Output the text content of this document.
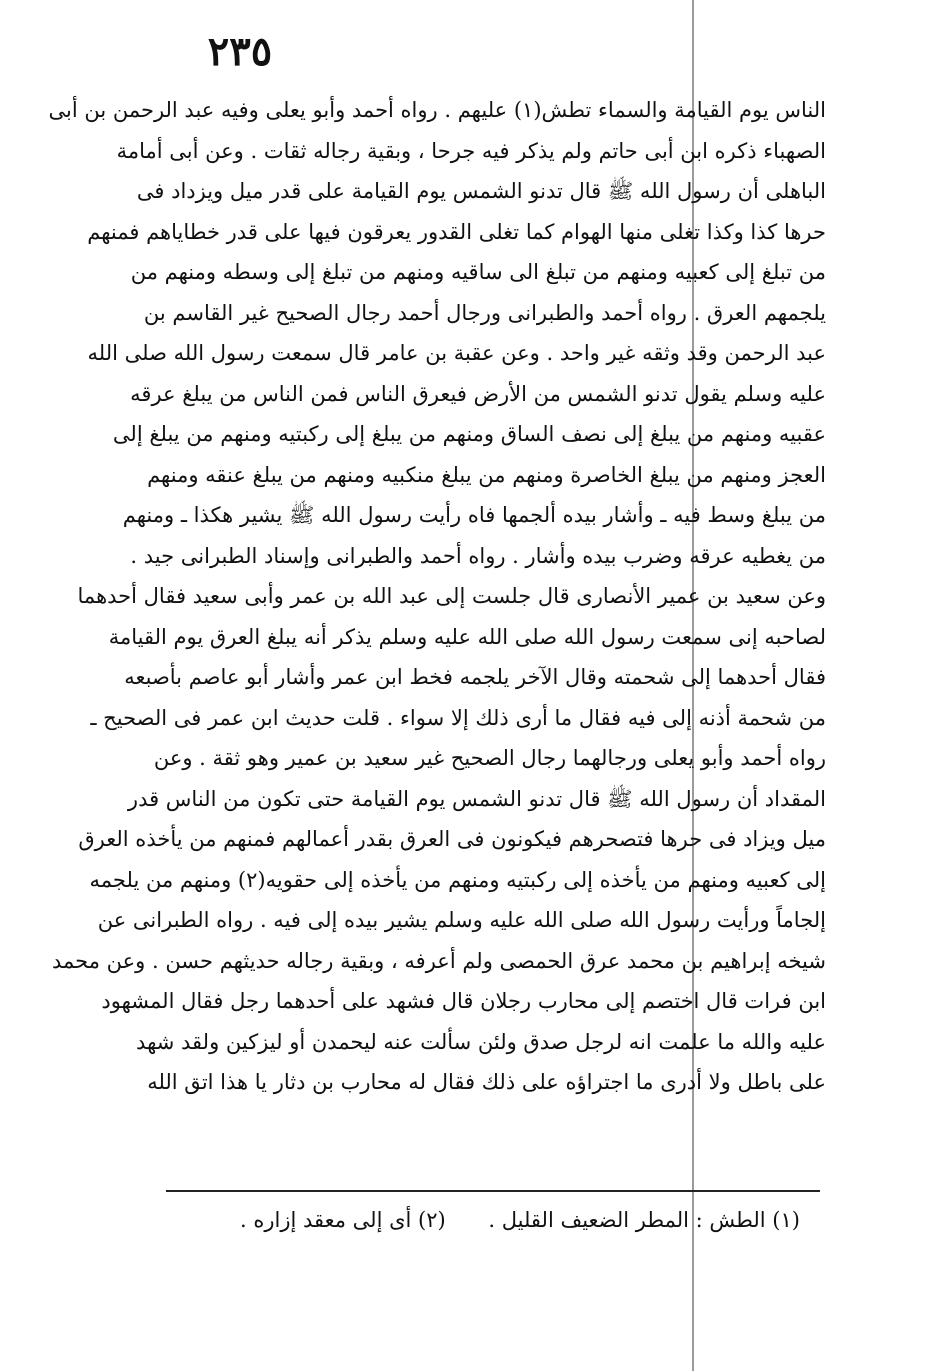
٢٣٥
الناس يوم القيامة والسماء تطش(١) عليهم . رواه أحمد وأبو يعلى وفيه عبد الرحمن بن أبى
الصهباء ذكره ابن أبى حاتم ولم يذكر فيه جرحا ، وبقية رجاله ثقات . وعن أبى أمامة
الباهلى أن رسول الله ﷺ قال تدنو الشمس يوم القيامة على قدر ميل ويزداد فى
حرها كذا وكذا تغلى منها الهوام كما تغلى القدور يعرقون فيها على قدر خطاياهم فمنهم
من تبلغ إلى كعبيه ومنهم من تبلغ الى ساقيه ومنهم من تبلغ إلى وسطه ومنهم من
يلجمهم العرق . رواه أحمد والطبرانى ورجال أحمد رجال الصحيح غير القاسم بن
عبد الرحمن وقد وثقه غير واحد . وعن عقبة بن عامر قال سمعت رسول الله صلى الله
عليه وسلم يقول تدنو الشمس من الأرض فيعرق الناس فمن الناس من يبلغ عرقه
عقبيه ومنهم من يبلغ إلى نصف الساق ومنهم من يبلغ إلى ركبتيه ومنهم من يبلغ إلى
العجز ومنهم من يبلغ الخاصرة ومنهم من يبلغ منكبيه ومنهم من يبلغ عنقه ومنهم
من يبلغ وسط فيه ـ وأشار بيده ألجمها فاه رأيت رسول الله ﷺ يشير هكذا ـ ومنهم
من يغطيه عرقه وضرب بيده وأشار . رواه أحمد والطبرانى وإسناد الطبرانى جيد .
وعن سعيد بن عمير الأنصارى قال جلست إلى عبد الله بن عمر وأبى سعيد فقال أحدهما
لصاحبه إنى سمعت رسول الله صلى الله عليه وسلم يذكر أنه يبلغ العرق يوم القيامة
فقال أحدهما إلى شحمته وقال الآخر يلجمه فخط ابن عمر وأشار أبو عاصم بأصبعه
من شحمة أذنه إلى فيه فقال ما أرى ذلك إلا سواء . قلت حديث ابن عمر فى الصحيح ـ
رواه أحمد وأبو يعلى ورجالهما رجال الصحيح غير سعيد بن عمير وهو ثقة . وعن
المقداد أن رسول الله ﷺ قال تدنو الشمس يوم القيامة حتى تكون من الناس قدر
ميل ويزاد فى حرها فتصحرهم فيكونون فى العرق بقدر أعمالهم فمنهم من يأخذه العرق
إلى كعبيه ومنهم من يأخذه إلى ركبتيه ومنهم من يأخذه إلى حقويه(٢) ومنهم من يلجمه
إلجاماً ورأيت رسول الله صلى الله عليه وسلم يشير بيده إلى فيه . رواه الطبرانى عن
شيخه إبراهيم بن محمد عرق الحمصى ولم أعرفه ، وبقية رجاله حديثهم حسن . وعن محمد
ابن فرات قال اختصم إلى محارب رجلان قال فشهد على أحدهما رجل فقال المشهود
عليه والله ما علمت انه لرجل صدق ولئن سألت عنه ليحمدن أو ليزكين ولقد شهد
على باطل ولا أدرى ما اجتراؤه على ذلك فقال له محارب بن دثار يا هذا اتق الله
(١) الطش : المطر الضعيف القليل . (٢) أى إلى معقد إزاره .
